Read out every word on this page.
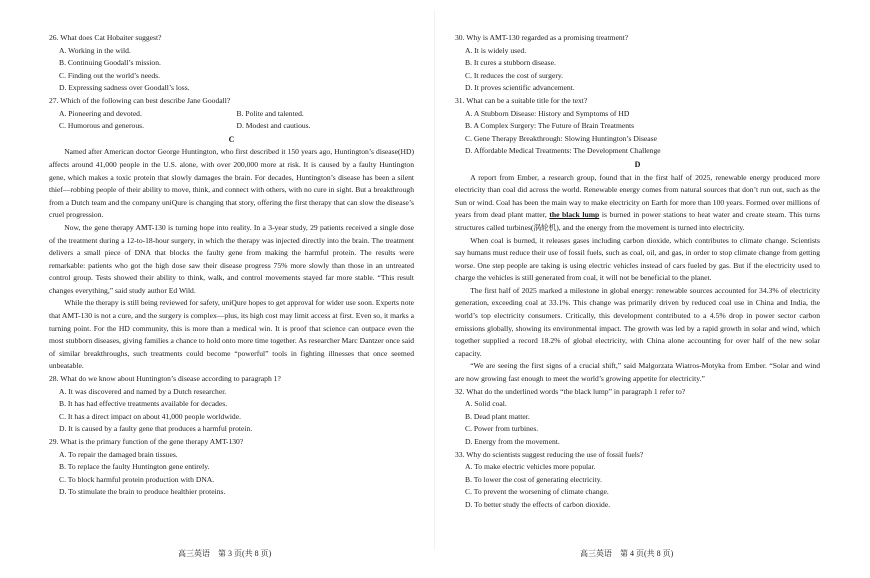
26. What does Cat Hobaiter suggest?
A. Working in the wild.
B. Continuing Goodall’s mission.
C. Finding out the world’s needs.
D. Expressing sadness over Goodall’s loss.
27. Which of the following can best describe Jane Goodall?
A. Pioneering and devoted.	B. Polite and talented.
C. Humorous and generous.	D. Modest and cautious.
C

Named after American doctor George Huntington, who first described it 150 years ago, Huntington’s disease(HD) affects around 41,000 people in the U.S. alone, with over 200,000 more at risk. It is caused by a faulty Huntington gene, which makes a toxic protein that slowly damages the brain. For decades, Huntington’s disease has been a silent thief—robbing people of their ability to move, think, and connect with others, with no cure in sight. But a breakthrough from a Dutch team and the company uniQure is changing that story, offering the first therapy that can slow the disease’s cruel progression.

Now, the gene therapy AMT-130 is turning hope into reality. In a 3-year study, 29 patients received a single dose of the treatment during a 12-to-18-hour surgery, in which the therapy was injected directly into the brain. The treatment delivers a small piece of DNA that blocks the faulty gene from making the harmful protein. The results were remarkable: patients who got the high dose saw their disease progress 75% more slowly than those in an untreated control group. Tests showed their ability to think, walk, and control movements stayed far more stable. “This result changes everything,” said study author Ed Wild.

While the therapy is still being reviewed for safety, uniQure hopes to get approval for wider use soon. Experts note that AMT-130 is not a cure, and the surgery is complex—plus, its high cost may limit access at first. Even so, it marks a turning point. For the HD community, this is more than a medical win. It is proof that science can outpace even the most stubborn diseases, giving families a chance to hold onto more time together. As researcher Marc Dantzer once said of similar breakthroughs, such treatments could become “powerful” tools in fighting illnesses that once seemed unbeatable.

28. What do we know about Huntington’s disease according to paragraph 1?
A. It was discovered and named by a Dutch researcher.
B. It has had effective treatments available for decades.
C. It has a direct impact on about 41,000 people worldwide.
D. It is caused by a faulty gene that produces a harmful protein.
29. What is the primary function of the gene therapy AMT-130?
A. To repair the damaged brain tissues.
B. To replace the faulty Huntington gene entirely.
C. To block harmful protein production with DNA.
D. To stimulate the brain to produce healthier proteins.
30. Why is AMT-130 regarded as a promising treatment?
A. It is widely used.
B. It cures a stubborn disease.
C. It reduces the cost of surgery.
D. It proves scientific advancement.
31. What can be a suitable title for the text?
A. A Stubborn Disease: History and Symptoms of HD
B. A Complex Surgery: The Future of Brain Treatments
C. Gene Therapy Breakthrough: Slowing Huntington’s Disease
D. Affordable Medical Treatments: The Development Challenge
D

A report from Ember, a research group, found that in the first half of 2025, renewable energy produced more electricity than coal did across the world. Renewable energy comes from natural sources that don’t run out, such as the Sun or wind. Coal has been the main way to make electricity on Earth for more than 100 years. Formed over millions of years from dead plant matter, the black lump is burned in power stations to heat water and create steam. This turns structures called turbines(涡轮机), and the energy from the movement is turned into electricity.

When coal is burned, it releases gases including carbon dioxide, which contributes to climate change. Scientists say humans must reduce their use of fossil fuels, such as coal, oil, and gas, in order to stop climate change from getting worse. One step people are taking is using electric vehicles instead of cars fueled by gas. But if the electricity used to charge the vehicles is still generated from coal, it will not be beneficial to the planet.

The first half of 2025 marked a milestone in global energy: renewable sources accounted for 34.3% of electricity generation, exceeding coal at 33.1%. This change was primarily driven by reduced coal use in China and India, the world’s top electricity consumers. Critically, this development contributed to a 4.5% drop in power sector carbon emissions globally, showing its environmental impact. The growth was led by a rapid growth in solar and wind, which together supplied a record 18.2% of global electricity, with China alone accounting for over half of the new solar capacity.

“We are seeing the first signs of a crucial shift,” said Malgorzata Wiatros-Motyka from Ember. “Solar and wind are now growing fast enough to meet the world’s growing appetite for electricity.”

32. What do the underlined words “the black lump” in paragraph 1 refer to?
A. Solid coal.
B. Dead plant matter.
C. Power from turbines.
D. Energy from the movement.
33. Why do scientists suggest reducing the use of fossil fuels?
A. To make electric vehicles more popular.
B. To lower the cost of generating electricity.
C. To prevent the worsening of climate change.
D. To better study the effects of carbon dioxide.
高三英语　第 3 页(共 8 页)	高三英语　第 4 页(共 8 页)
